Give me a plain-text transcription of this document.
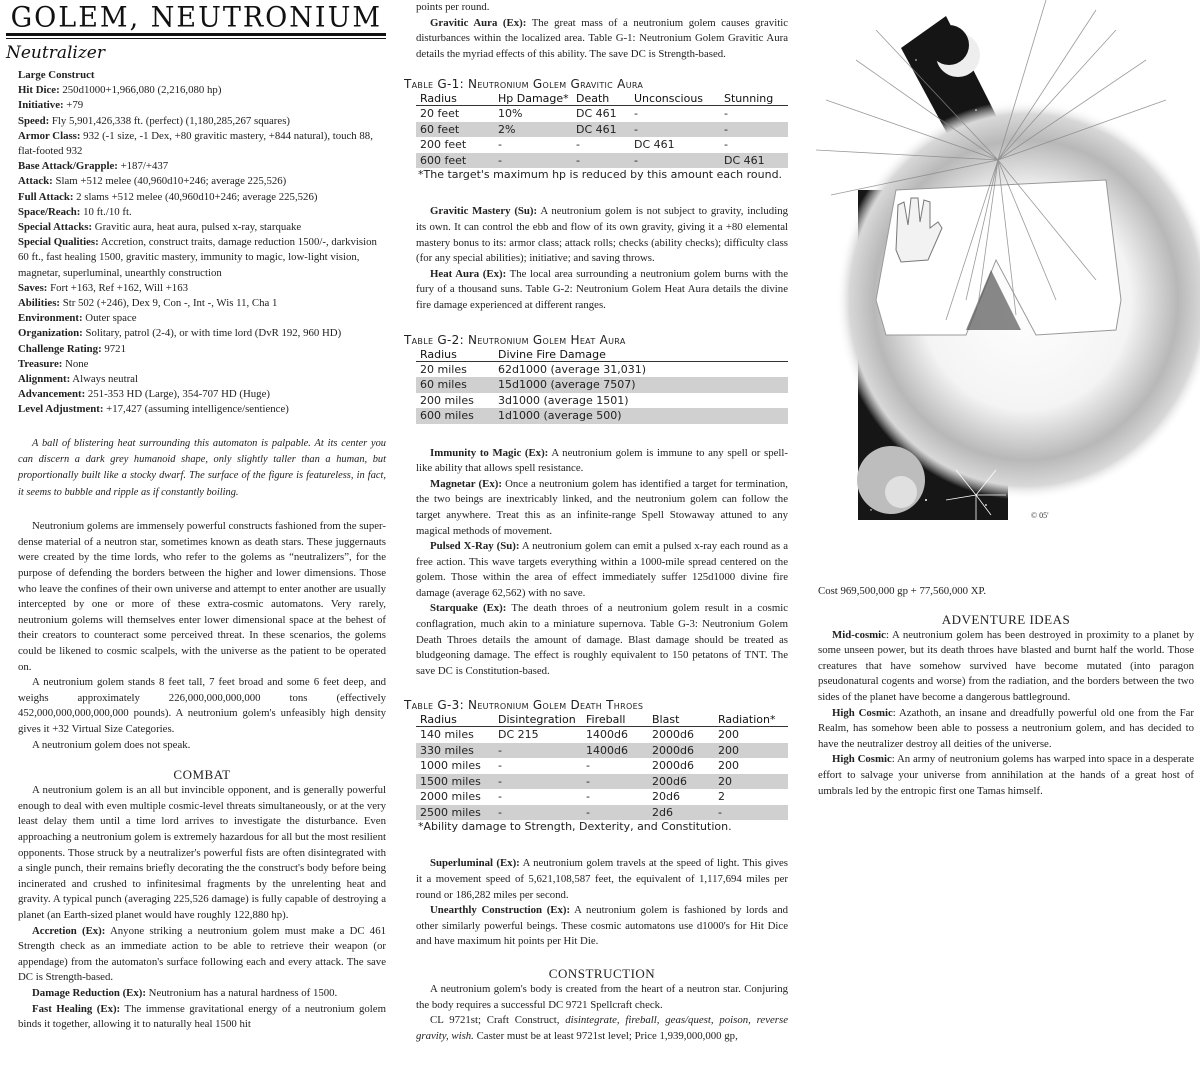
GOLEM, NEUTRONIUM
Neutralizer
Large Construct
Hit Dice: 250d1000+1,966,080 (2,216,080 hp)
Initiative: +79
Speed: Fly 5,901,426,338 ft. (perfect) (1,180,285,267 squares)
Armor Class: 932 (-1 size, -1 Dex, +80 gravitic mastery, +844 natural), touch 88, flat-footed 932
Base Attack/Grapple: +187/+437
Attack: Slam +512 melee (40,960d10+246; average 225,526)
Full Attack: 2 slams +512 melee (40,960d10+246; average 225,526)
Space/Reach: 10 ft./10 ft.
Special Attacks: Gravitic aura, heat aura, pulsed x-ray, starquake
Special Qualities: Accretion, construct traits, damage reduction 1500/-, darkvision 60 ft., fast healing 1500, gravitic mastery, immunity to magic, low-light vision, magnetar, superluminal, unearthly construction
Saves: Fort +163, Ref +162, Will +163
Abilities: Str 502 (+246), Dex 9, Con -, Int -, Wis 11, Cha 1
Environment: Outer space
Organization: Solitary, patrol (2-4), or with time lord (DvR 192, 960 HD)
Challenge Rating: 9721
Treasure: None
Alignment: Always neutral
Advancement: 251-353 HD (Large), 354-707 HD (Huge)
Level Adjustment: +17,427 (assuming intelligence/sentience)

A ball of blistering heat surrounding this automaton is palpable. At its center you can discern a dark grey humanoid shape, only slightly taller than a human, but proportionally built like a stocky dwarf. The surface of the figure is featureless, in fact, it seems to bubble and ripple as if constantly boiling.

Neutronium golems are immensely powerful constructs fashioned from the super-dense material of a neutron star, sometimes known as death stars. These juggernauts were created by the time lords, who refer to the golems as “neutralizers”, for the purpose of defending the borders between the higher and lower dimensions. Those who leave the confines of their own universe and attempt to enter another are usually intercepted by one or more of these extra-cosmic automatons. Very rarely, neutronium golems will themselves enter lower dimensional space at the behest of their creators to counteract some perceived threat. In these scenarios, the golems could be likened to cosmic scalpels, with the universe as the patient to be operated on.

A neutronium golem stands 8 feet tall, 7 feet broad and some 6 feet deep, and weighs approximately 226,000,000,000,000 tons (effectively 452,000,000,000,000,000 pounds). A neutronium golem's unfeasibly high density gives it +32 Virtual Size Categories.

A neutronium golem does not speak.

COMBAT

A neutronium golem is an all but invincible opponent, and is generally powerful enough to deal with even multiple cosmic-level threats simultaneously, or at the very least delay them until a time lord arrives to investigate the disturbance. Even approaching a neutronium golem is extremely hazardous for all but the most resilient opponents. Those struck by a neutralizer's powerful fists are often disintegrated with a single punch, their remains briefly decorating the the construct's body before being incinerated and crushed to infinitesimal fragments by the unrelenting heat and gravity. A typical punch (averaging 225,526 damage) is fully capable of destroying a planet (an Earth-sized planet would have roughly 122,880 hp).

Accretion (Ex): Anyone striking a neutronium golem must make a DC 461 Strength check as an immediate action to be able to retrieve their weapon (or appendage) from the automaton's surface following each and every attack. The save DC is Strength-based.

Damage Reduction (Ex): Neutronium has a natural hardness of 1500.

Fast Healing (Ex): The immense gravitational energy of a neutronium golem binds it together, allowing it to naturally heal 1500 hit

points per round.

Gravitic Aura (Ex): The great mass of a neutronium golem causes gravitic disturbances within the localized area. Table G-1: Neutronium Golem Gravitic Aura details the myriad effects of this ability. The save DC is Strength-based.

Table G-1: Neutronium Golem Gravitic Aura
Radius	Hp Damage*	Death	Unconscious	Stunning
20 feet	10%	DC 461	-	-
60 feet	2%	DC 461	-	-
200 feet	-	-	DC 461	-
600 feet	-	-	-	DC 461
*The target's maximum hp is reduced by this amount each round.

Gravitic Mastery (Su): A neutronium golem is not subject to gravity, including its own. It can control the ebb and flow of its own gravity, giving it a +80 elemental mastery bonus to its: armor class; attack rolls; checks (ability checks); difficulty class (for any special abilities); initiative; and saving throws.

Heat Aura (Ex): The local area surrounding a neutronium golem burns with the fury of a thousand suns. Table G-2: Neutronium Golem Heat Aura details the divine fire damage experienced at different ranges.

Table G-2: Neutronium Golem Heat Aura
Radius	Divine Fire Damage
20 miles	62d1000 (average 31,031)
60 miles	15d1000 (average 7507)
200 miles	3d1000 (average 1501)
600 miles	1d1000 (average 500)

Immunity to Magic (Ex): A neutronium golem is immune to any spell or spell-like ability that allows spell resistance.

Magnetar (Ex): Once a neutronium golem has identified a target for termination, the two beings are inextricably linked, and the neutronium golem can follow the target anywhere. Treat this as an infinite-range Spell Stowaway attuned to any magical methods of movement.

Pulsed X-Ray (Su): A neutronium golem can emit a pulsed x-ray each round as a free action. This wave targets everything within a 1000-mile spread centered on the golem. Those within the area of effect immediately suffer 125d1000 divine fire damage (average 62,562) with no save.

Starquake (Ex): The death throes of a neutronium golem result in a cosmic conflagration, much akin to a miniature supernova. Table G-3: Neutronium Golem Death Throes details the amount of damage. Blast damage should be treated as bludgeoning damage. The effect is roughly equivalent to 150 petatons of TNT. The save DC is Constitution-based.

Table G-3: Neutronium Golem Death Throes
Radius	Disintegration	Fireball	Blast	Radiation*
140 miles	DC 215	1400d6	2000d6	200
330 miles	-	1400d6	2000d6	200
1000 miles	-	-	2000d6	200
1500 miles	-	-	200d6	20
2000 miles	-	-	20d6	2
2500 miles	-	-	2d6	-
*Ability damage to Strength, Dexterity, and Constitution.

Superluminal (Ex): A neutronium golem travels at the speed of light. This gives it a movement speed of 5,621,108,587 feet, the equivalent of 1,117,694 miles per round or 186,282 miles per second.

Unearthly Construction (Ex): A neutronium golem is fashioned by lords and other similarly powerful beings. These cosmic automatons use d1000's for Hit Dice and have maximum hit points per Hit Die.

CONSTRUCTION

A neutronium golem's body is created from the heart of a neutron star. Conjuring the body requires a successful DC 9721 Spellcraft check.

CL 9721st; Craft Construct, disintegrate, fireball, geas/quest, poison, reverse gravity, wish. Caster must be at least 9721st level; Price 1,939,000,000 gp,

© 05'

Cost 969,500,000 gp + 77,560,000 XP.

ADVENTURE IDEAS

Mid-cosmic: A neutronium golem has been destroyed in proximity to a planet by some unseen power, but its death throes have blasted and burnt half the world. Those creatures that have somehow survived have become mutated (into paragon pseudonatural cogents and worse) from the radiation, and the borders between the two sides of the planet have become a dangerous battleground.

High Cosmic: Azathoth, an insane and dreadfully powerful old one from the Far Realm, has somehow been able to possess a neutronium golem, and has decided to have the neutralizer destroy all deities of the universe.

High Cosmic: An army of neutronium golems has warped into space in a desperate effort to salvage your universe from annihilation at the hands of a great host of umbrals led by the entropic first one Tamas himself.
